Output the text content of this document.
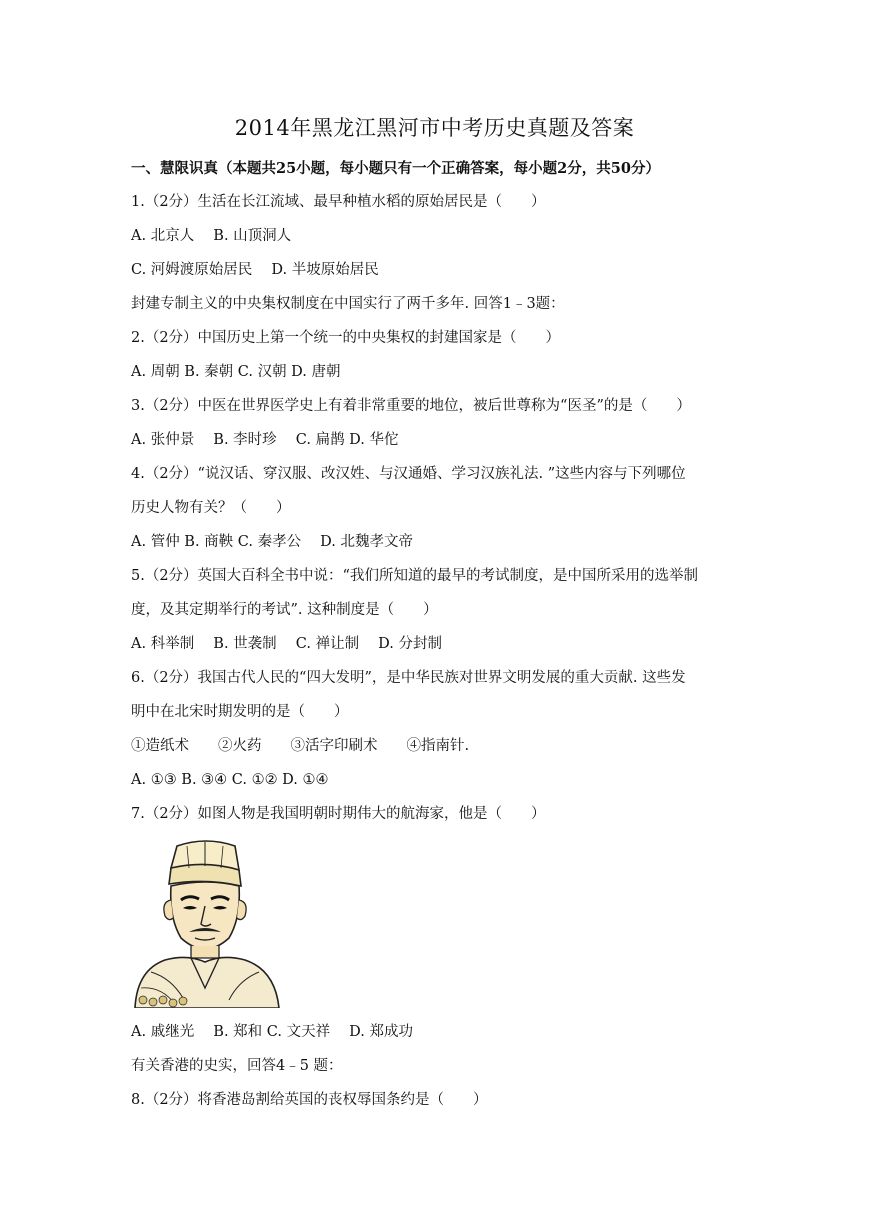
2014年黑龙江黑河市中考历史真题及答案
一、慧限识真（本题共25小题，每小题只有一个正确答案，每小题2分，共50分）
1.（2分）生活在长江流域、最早种植水稻的原始居民是（　　）
A. 北京人　 B. 山顶洞人
C. 河姆渡原始居民　 D. 半坡原始居民
封建专制主义的中央集权制度在中国实行了两千多年. 回答1﹣3题：
2.（2分）中国历史上第一个统一的中央集权的封建国家是（　　）
A. 周朝 B. 秦朝 C. 汉朝 D. 唐朝
3.（2分）中医在世界医学史上有着非常重要的地位，被后世尊称为“医圣”的是（　　）
A. 张仲景　 B. 李时珍　 C. 扁鹊 D. 华佗
4.（2分）“说汉话、穿汉服、改汉姓、与汉通婚、学习汉族礼法. ”这些内容与下列哪位
历史人物有关？（　　）
A. 管仲 B. 商鞅 C. 秦孝公　 D. 北魏孝文帝
5.（2分）英国大百科全书中说：“我们所知道的最早的考试制度，是中国所采用的选举制
度，及其定期举行的考试”. 这种制度是（　　）
A. 科举制　 B. 世袭制　 C. 禅让制　 D. 分封制
6.（2分）我国古代人民的“四大发明”，是中华民族对世界文明发展的重大贡献. 这些发
明中在北宋时期发明的是（　　）
①造纸术　　②火药　　③活字印刷术　　④指南针.
A. ①③ B. ③④ C. ①② D. ①④
7.（2分）如图人物是我国明朝时期伟大的航海家，他是（　　）
A. 戚继光　 B. 郑和 C. 文天祥　 D. 郑成功
有关香港的史实，回答4﹣5 题：
8.（2分）将香港岛割给英国的丧权辱国条约是（　　）
